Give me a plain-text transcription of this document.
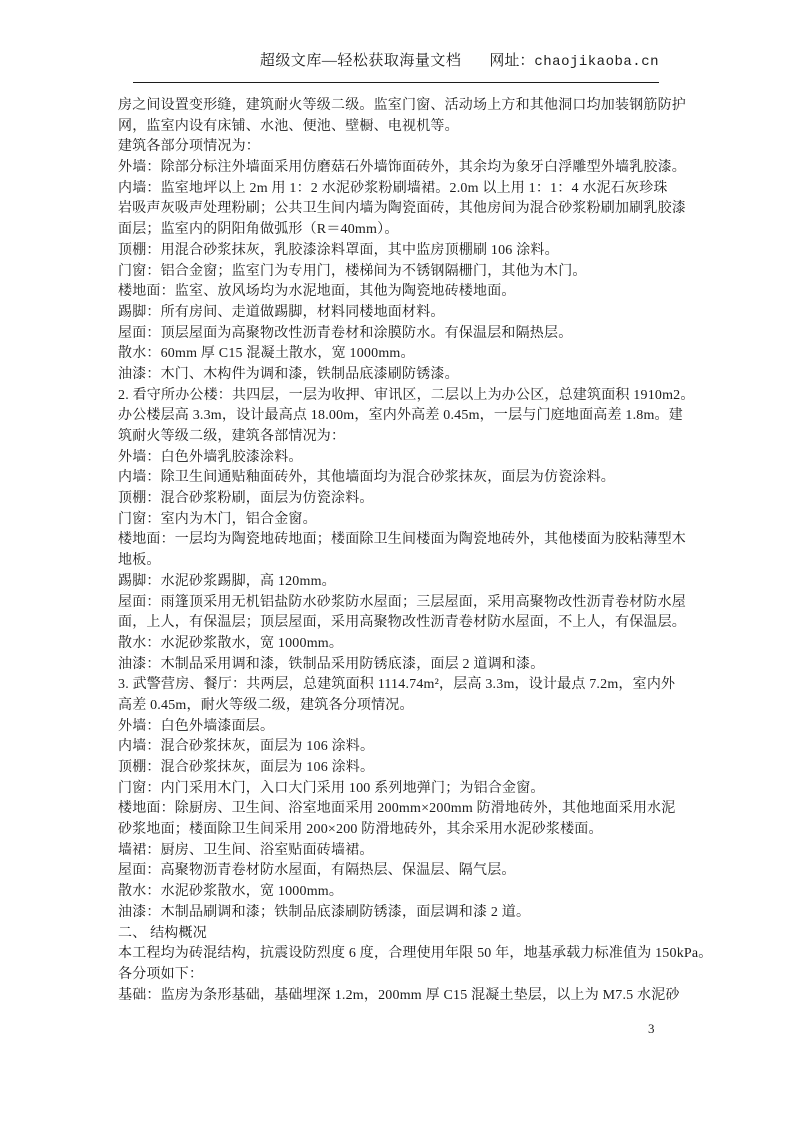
超级文库—轻松获取海量文档 网址：chaojikaoba.cn
房之间设置变形缝，建筑耐火等级二级。监室门窗、活动场上方和其他洞口均加装钢筋防护
网，监室内设有床铺、水池、便池、壁橱、电视机等。
建筑各部分项情况为：
外墙：除部分标注外墙面采用仿磨菇石外墙饰面砖外，其余均为象牙白浮雕型外墙乳胶漆。
内墙：监室地坪以上 2m 用 1：2 水泥砂浆粉刷墙裙。2.0m 以上用 1：1：4 水泥石灰珍珠
岩吸声灰吸声处理粉刷；公共卫生间内墙为陶瓷面砖，其他房间为混合砂浆粉刷加刷乳胶漆
面层；监室内的阴阳角做弧形（R＝40mm）。
顶棚：用混合砂浆抹灰，乳胶漆涂料罩面，其中监房顶棚刷 106 涂料。
门窗：铝合金窗；监室门为专用门，楼梯间为不锈钢隔栅门，其他为木门。
楼地面：监室、放风场均为水泥地面，其他为陶瓷地砖楼地面。
踢脚：所有房间、走道做踢脚，材料同楼地面材料。
屋面：顶层屋面为高聚物改性沥青卷材和涂膜防水。有保温层和隔热层。
散水：60mm 厚 C15 混凝土散水，宽 1000mm。
油漆：木门、木构件为调和漆，铁制品底漆刷防锈漆。
2. 看守所办公楼：共四层，一层为收押、审讯区，二层以上为办公区，总建筑面积 1910m2。
办公楼层高 3.3m，设计最高点 18.00m，室内外高差 0.45m，一层与门庭地面高差 1.8m。建
筑耐火等级二级，建筑各部情况为：
外墙：白色外墙乳胶漆涂料。
内墙：除卫生间通贴釉面砖外，其他墙面均为混合砂浆抹灰，面层为仿瓷涂料。
顶棚：混合砂浆粉刷，面层为仿瓷涂料。
门窗：室内为木门，铝合金窗。
楼地面：一层均为陶瓷地砖地面；楼面除卫生间楼面为陶瓷地砖外，其他楼面为胶粘薄型木
地板。
踢脚：水泥砂浆踢脚，高 120mm。
屋面：雨篷顶采用无机铝盐防水砂浆防水屋面；三层屋面，采用高聚物改性沥青卷材防水屋
面，上人，有保温层；顶层屋面，采用高聚物改性沥青卷材防水屋面，不上人，有保温层。
散水：水泥砂浆散水，宽 1000mm。
油漆：木制品采用调和漆，铁制品采用防锈底漆，面层 2 道调和漆。
3. 武警营房、餐厅：共两层，总建筑面积 1114.74m²，层高 3.3m，设计最点 7.2m，室内外
高差 0.45m，耐火等级二级，建筑各分项情况。
外墙：白色外墙漆面层。
内墙：混合砂浆抹灰，面层为 106 涂料。
顶棚：混合砂浆抹灰，面层为 106 涂料。
门窗：内门采用木门，入口大门采用 100 系列地弹门；为铝合金窗。
楼地面：除厨房、卫生间、浴室地面采用 200mm×200mm 防滑地砖外，其他地面采用水泥
砂浆地面；楼面除卫生间采用 200×200 防滑地砖外，其余采用水泥砂浆楼面。
墙裙：厨房、卫生间、浴室贴面砖墙裙。
屋面：高聚物沥青卷材防水屋面，有隔热层、保温层、隔气层。
散水：水泥砂浆散水，宽 1000mm。
油漆：木制品刷调和漆；铁制品底漆刷防锈漆，面层调和漆 2 道。
二、 结构概况
本工程均为砖混结构，抗震设防烈度 6 度，合理使用年限 50 年，地基承载力标准值为 150kPa。
各分项如下：
基础：监房为条形基础，基础埋深 1.2m，200mm 厚 C15 混凝土垫层，以上为 M7.5 水泥砂
3
